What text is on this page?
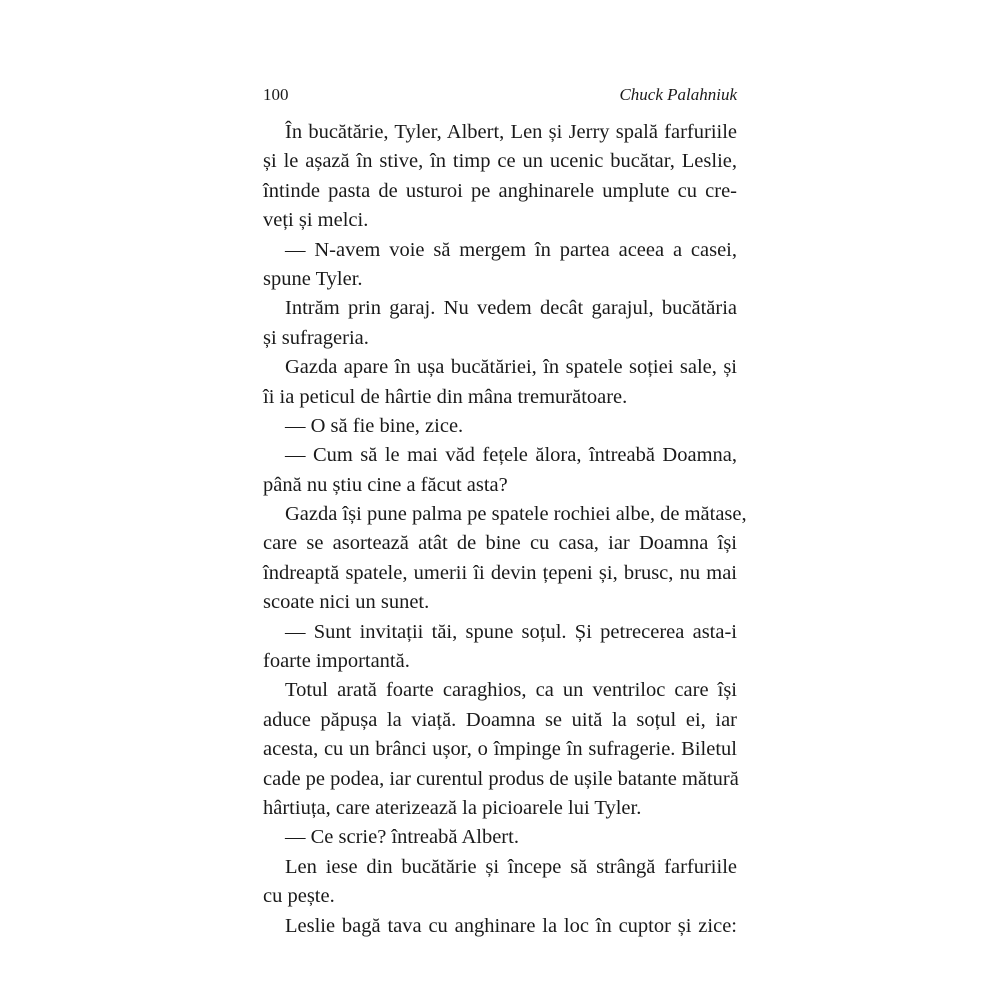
100	Chuck Palahniuk
În bucătărie, Tyler, Albert, Len și Jerry spală farfuriile
și le așază în stive, în timp ce un ucenic bucătar, Leslie,
întinde pasta de usturoi pe anghinarele umplute cu cre-
veți și melci.
— N-avem voie să mergem în partea aceea a casei,
spune Tyler.
Intrăm prin garaj. Nu vedem decât garajul, bucătăria
și sufrageria.
Gazda apare în ușa bucătăriei, în spatele soției sale, și
îi ia peticul de hârtie din mâna tremurătoare.
— O să fie bine, zice.
— Cum să le mai văd fețele ălora, întreabă Doamna,
până nu știu cine a făcut asta?
Gazda își pune palma pe spatele rochiei albe, de mătase,
care se asortează atât de bine cu casa, iar Doamna își
îndreaptă spatele, umerii îi devin țepeni și, brusc, nu mai
scoate nici un sunet.
— Sunt invitații tăi, spune soțul. Și petrecerea asta-i
foarte importantă.
Totul arată foarte caraghios, ca un ventriloc care își
aduce păpușa la viață. Doamna se uită la soțul ei, iar
acesta, cu un brânci ușor, o împinge în sufragerie. Biletul
cade pe podea, iar curentul produs de ușile batante mătură
hârtiuța, care aterizează la picioarele lui Tyler.
— Ce scrie? întreabă Albert.
Len iese din bucătărie și începe să strângă farfuriile
cu pește.
Leslie bagă tava cu anghinare la loc în cuptor și zice:
